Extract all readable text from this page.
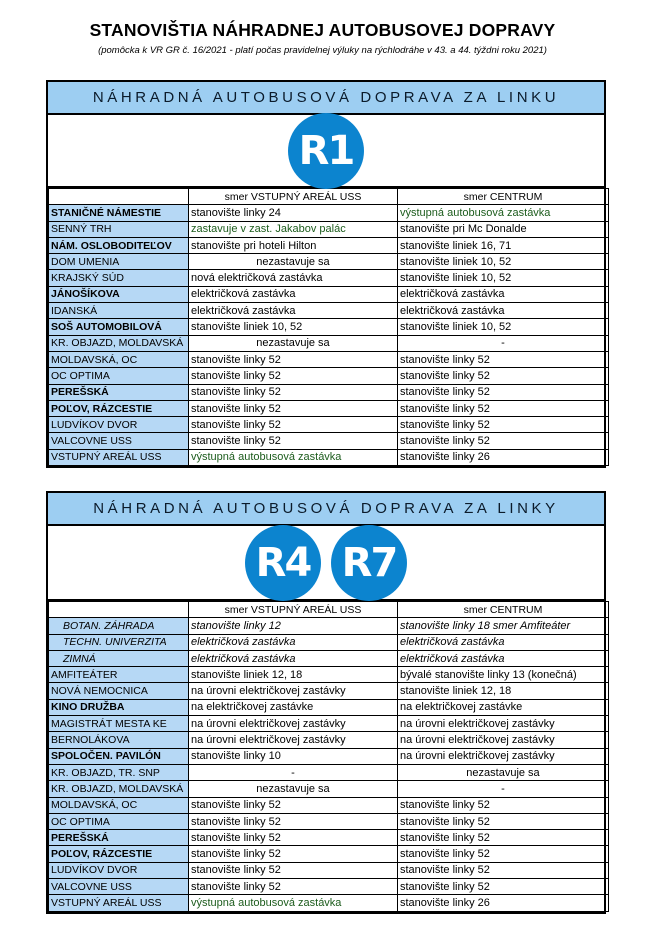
STANOVIŠTIA NÁHRADNEJ AUTOBUSOVEJ DOPRAVY
(pomôcka k VR GR č. 16/2021 - platí počas pravidelnej výluky na rýchlodráhe v 43. a 44. týždni roku 2021)
NÁHRADNÁ AUTOBUSOVÁ DOPRAVA ZA LINKU
R1
	smer VSTUPNÝ AREÁL USS	smer CENTRUM
STANIČNÉ NÁMESTIE	stanovište linky 24	výstupná autobusová zastávka
SENNÝ TRH	zastavuje v zast. Jakabov palác	stanovište pri Mc Donalde
NÁM. OSLOBODITEĽOV	stanovište pri hoteli Hilton	stanovište liniek 16, 71
DOM UMENIA	nezastavuje sa	stanovište liniek 10, 52
KRAJSKÝ SÚD	nová električková zastávka	stanovište liniek 10, 52
JÁNOŠÍKOVA	električková zastávka	električková zastávka
IDANSKÁ	električková zastávka	električková zastávka
SOŠ AUTOMOBILOVÁ	stanovište liniek 10, 52	stanovište liniek 10, 52
KR. OBJAZD, MOLDAVSKÁ	nezastavuje sa	-
MOLDAVSKÁ, OC	stanovište linky 52	stanovište linky 52
OC OPTIMA	stanovište linky 52	stanovište linky 52
PEREŠSKÁ	stanovište linky 52	stanovište linky 52
POĽOV, RÁZCESTIE	stanovište linky 52	stanovište linky 52
LUDVÍKOV DVOR	stanovište linky 52	stanovište linky 52
VALCOVNE USS	stanovište linky 52	stanovište linky 52
VSTUPNÝ AREÁL USS	výstupná autobusová zastávka	stanovište linky 26
NÁHRADNÁ AUTOBUSOVÁ DOPRAVA ZA LINKY
R4 R7
	smer VSTUPNÝ AREÁL USS	smer CENTRUM
BOTAN. ZÁHRADA	stanovište linky 12	stanovište linky 18 smer Amfiteáter
TECHN. UNIVERZITA	električková zastávka	električková zastávka
ZIMNÁ	električková zastávka	električková zastávka
AMFITEÁTER	stanovište liniek 12, 18	bývalé stanovište linky 13 (konečná)
NOVÁ NEMOCNICA	na úrovni električkovej zastávky	stanovište liniek 12, 18
KINO DRUŽBA	na električkovej zastávke	na električkovej zastávke
MAGISTRÁT MESTA KE	na úrovni električkovej zastávky	na úrovni električkovej zastávky
BERNOLÁKOVA	na úrovni električkovej zastávky	na úrovni električkovej zastávky
SPOLOČEN. PAVILÓN	stanovište linky 10	na úrovni električkovej zastávky
KR. OBJAZD, TR. SNP	-	nezastavuje sa
KR. OBJAZD, MOLDAVSKÁ	nezastavuje sa	-
MOLDAVSKÁ, OC	stanovište linky 52	stanovište linky 52
OC OPTIMA	stanovište linky 52	stanovište linky 52
PEREŠSKÁ	stanovište linky 52	stanovište linky 52
POĽOV, RÁZCESTIE	stanovište linky 52	stanovište linky 52
LUDVÍKOV DVOR	stanovište linky 52	stanovište linky 52
VALCOVNE USS	stanovište linky 52	stanovište linky 52
VSTUPNÝ AREÁL USS	výstupná autobusová zastávka	stanovište linky 26
